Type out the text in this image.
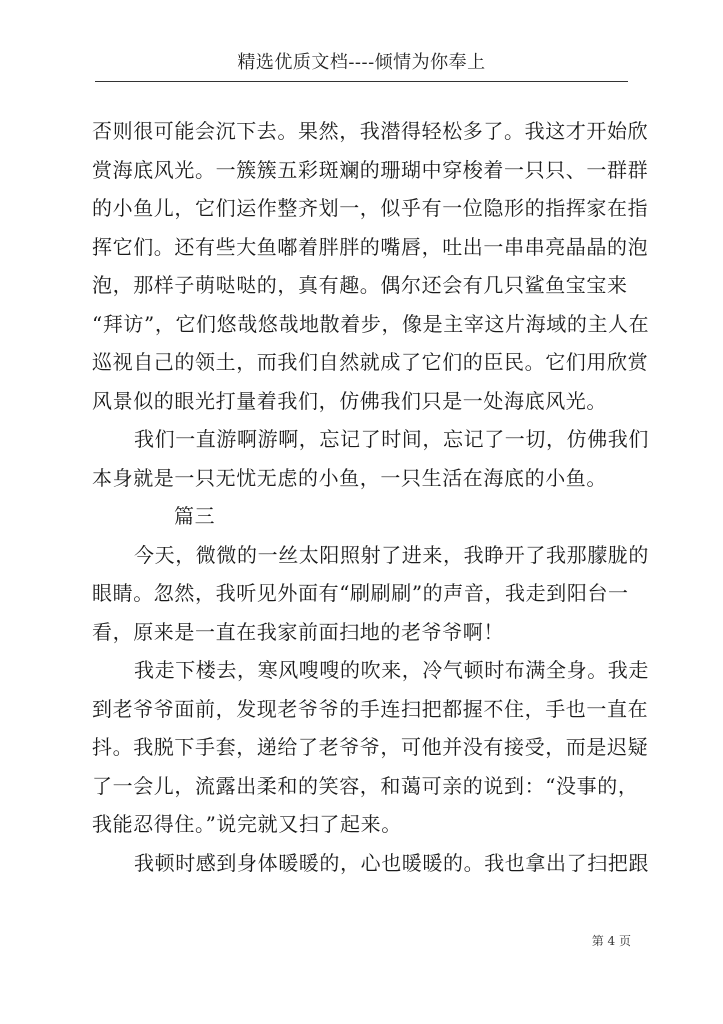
精选优质文档----倾情为你奉上
否则很可能会沉下去。果然，我潜得轻松多了。我这才开始欣
赏海底风光。一簇簇五彩斑斓的珊瑚中穿梭着一只只、一群群
的小鱼儿，它们运作整齐划一，似乎有一位隐形的指挥家在指
挥它们。还有些大鱼嘟着胖胖的嘴唇，吐出一串串亮晶晶的泡
泡，那样子萌哒哒的，真有趣。偶尔还会有几只鲨鱼宝宝来
“拜访”，它们悠哉悠哉地散着步，像是主宰这片海域的主人在
巡视自己的领土，而我们自然就成了它们的臣民。它们用欣赏
风景似的眼光打量着我们，仿佛我们只是一处海底风光。
我们一直游啊游啊，忘记了时间，忘记了一切，仿佛我们
本身就是一只无忧无虑的小鱼，一只生活在海底的小鱼。
篇三
今天，微微的一丝太阳照射了进来，我睁开了我那朦胧的
眼睛。忽然，我听见外面有“刷刷刷”的声音，我走到阳台一
看，原来是一直在我家前面扫地的老爷爷啊！
我走下楼去，寒风嗖嗖的吹来，冷气顿时布满全身。我走
到老爷爷面前，发现老爷爷的手连扫把都握不住，手也一直在
抖。我脱下手套，递给了老爷爷，可他并没有接受，而是迟疑
了一会儿，流露出柔和的笑容，和蔼可亲的说到：“没事的，
我能忍得住。”说完就又扫了起来。
我顿时感到身体暖暖的，心也暖暖的。我也拿出了扫把跟
第 4 页
